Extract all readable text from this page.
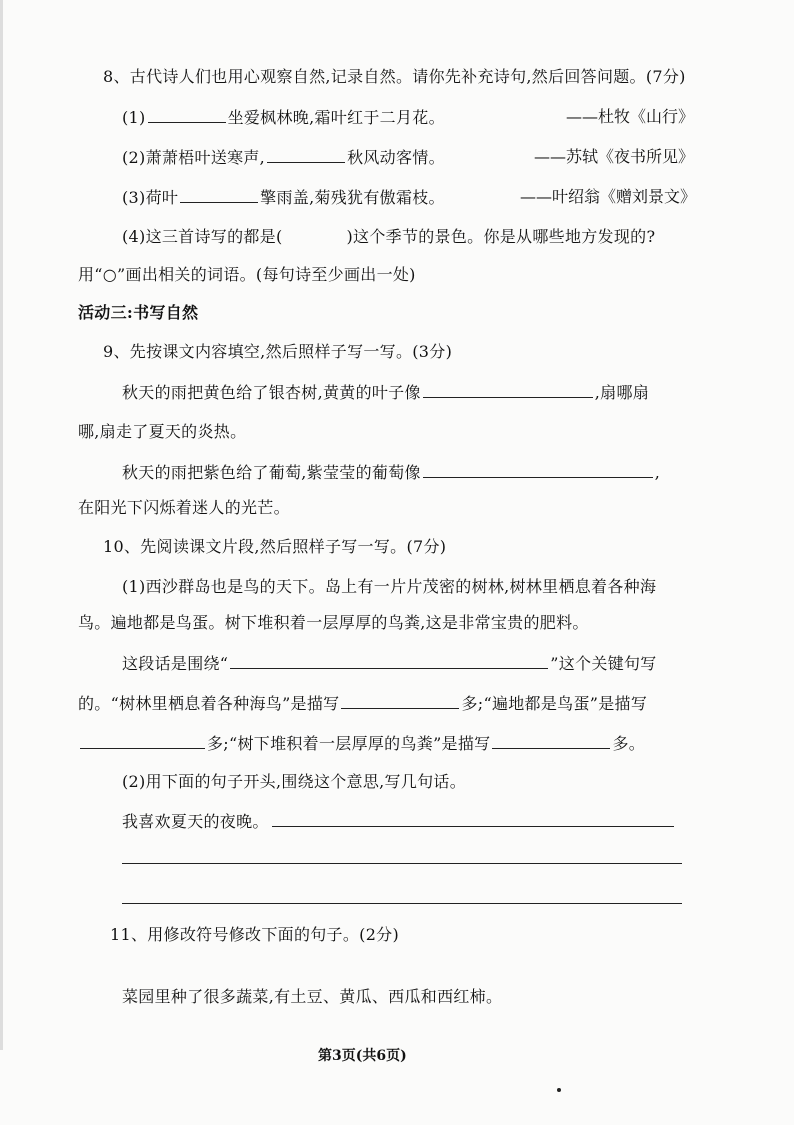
8、古代诗人们也用心观察自然,记录自然。请你先补充诗句,然后回答问题。(7分)
(1)	坐爱枫林晚,霜叶红于二月花。	——杜牧《山行》
(2)萧萧梧叶送寒声,	秋风动客情。	——苏轼《夜书所见》
(3)荷叶	擎雨盖,菊残犹有傲霜枝。	——叶绍翁《赠刘景文》
(4)这三首诗写的都是(	)这个季节的景色。你是从哪些地方发现的?
用“○”画出相关的词语。(每句诗至少画出一处)
活动三:书写自然
9、先按课文内容填空,然后照样子写一写。(3分)
秋天的雨把黄色给了银杏树,黄黄的叶子像	,扇哪扇
哪,扇走了夏天的炎热。
秋天的雨把紫色给了葡萄,紫莹莹的葡萄像	,
在阳光下闪烁着迷人的光芒。
10、先阅读课文片段,然后照样子写一写。(7分)
(1)西沙群岛也是鸟的天下。岛上有一片片茂密的树林,树林里栖息着各种海
鸟。遍地都是鸟蛋。树下堆积着一层厚厚的鸟粪,这是非常宝贵的肥料。
这段话是围绕“	”这个关键句写
的。“树林里栖息着各种海鸟”是描写	多;“遍地都是鸟蛋”是描写
多;“树下堆积着一层厚厚的鸟粪”是描写	多。
(2)用下面的句子开头,围绕这个意思,写几句话。
我喜欢夏天的夜晚。
11、用修改符号修改下面的句子。(2分)
菜园里种了很多蔬菜,有土豆、黄瓜、西瓜和西红柿。
第3页(共6页)
